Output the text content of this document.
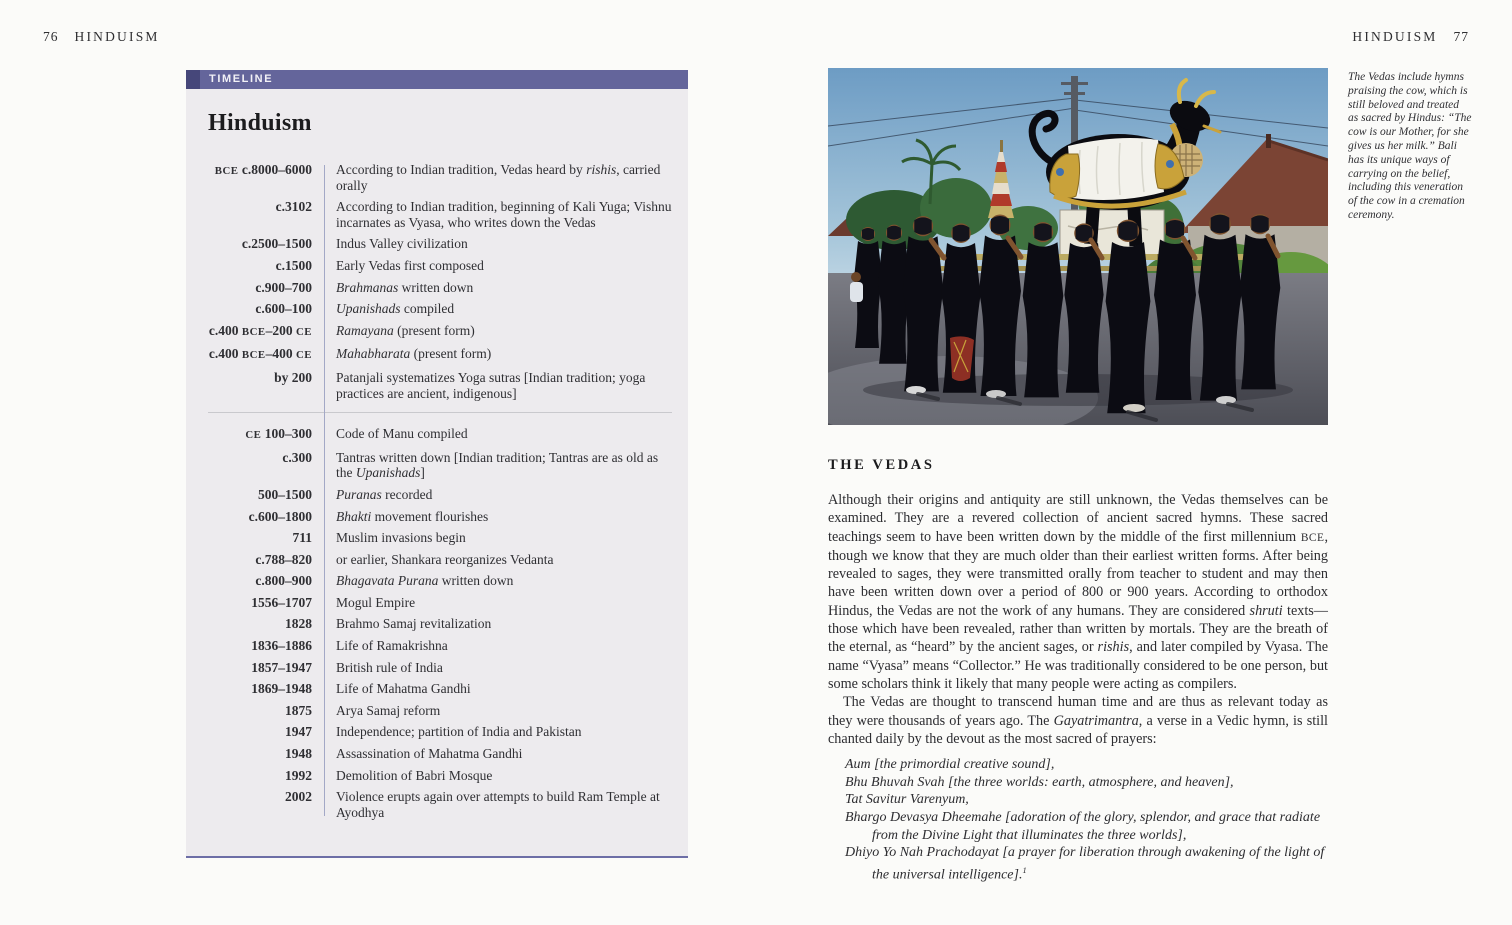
76 HINDUISM
TIMELINE
Hinduism
BCE c.8000–6000	According to Indian tradition, Vedas heard by rishis, carried orally
c.3102	According to Indian tradition, beginning of Kali Yuga; Vishnu incarnates as Vyasa, who writes down the Vedas
c.2500–1500	Indus Valley civilization
c.1500	Early Vedas first composed
c.900–700	Brahmanas written down
c.600–100	Upanishads compiled
c.400 BCE–200 CE	Ramayana (present form)
c.400 BCE–400 CE	Mahabharata (present form)
by 200	Patanjali systematizes Yoga sutras [Indian tradition; yoga practices are ancient, indigenous]
CE 100–300	Code of Manu compiled
c.300	Tantras written down [Indian tradition; Tantras are as old as the Upanishads]
500–1500	Puranas recorded
c.600–1800	Bhakti movement flourishes
711	Muslim invasions begin
c.788–820	or earlier, Shankara reorganizes Vedanta
c.800–900	Bhagavata Purana written down
1556–1707	Mogul Empire
1828	Brahmo Samaj revitalization
1836–1886	Life of Ramakrishna
1857–1947	British rule of India
1869–1948	Life of Mahatma Gandhi
1875	Arya Samaj reform
1947	Independence; partition of India and Pakistan
1948	Assassination of Mahatma Gandhi
1992	Demolition of Babri Mosque
2002	Violence erupts again over attempts to build Ram Temple at Ayodhya
HINDUISM 77
The Vedas include hymns praising the cow, which is still beloved and treated as sacred by Hindus: “The cow is our Mother, for she gives us her milk.” Bali has its unique ways of carrying on the belief, including this veneration of the cow in a cremation ceremony.
THE VEDAS

Although their origins and antiquity are still unknown, the Vedas themselves can be examined. They are a revered collection of ancient sacred hymns. These sacred teachings seem to have been written down by the middle of the first millennium BCE, though we know that they are much older than their earliest written forms. After being revealed to sages, they were transmitted orally from teacher to student and may then have been written down over a period of 800 or 900 years. According to orthodox Hindus, the Vedas are not the work of any humans. They are considered shruti texts—those which have been revealed, rather than written by mortals. They are the breath of the eternal, as “heard” by the ancient sages, or rishis, and later compiled by Vyasa. The name “Vyasa” means “Collector.” He was traditionally considered to be one person, but some scholars think it likely that many people were acting as compilers.

The Vedas are thought to transcend human time and are thus as relevant today as they were thousands of years ago. The Gayatrimantra, a verse in a Vedic hymn, is still chanted daily by the devout as the most sacred of prayers:

Aum [the primordial creative sound],
Bhu Bhuvah Svah [the three worlds: earth, atmosphere, and heaven],
Tat Savitur Varenyum,
Bhargo Devasya Dheemahe [adoration of the glory, splendor, and grace that radiate from the Divine Light that illuminates the three worlds],
Dhiyo Yo Nah Prachodayat [a prayer for liberation through awakening of the light of the universal intelligence].$^1$
